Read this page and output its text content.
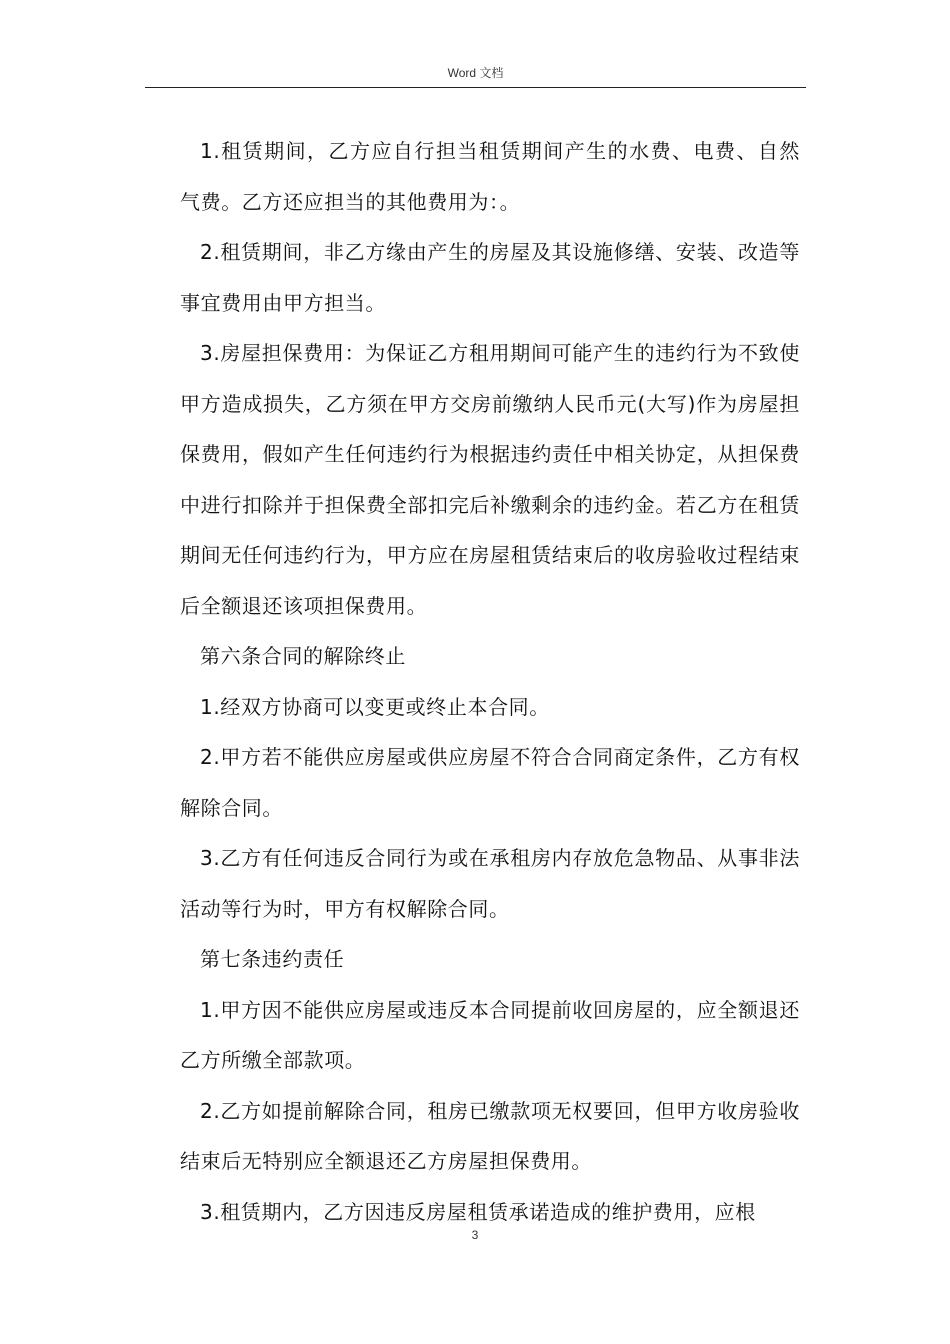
Word 文档

1.租赁期间，乙方应自行担当租赁期间产生的水费、电费、自然 气费。乙方还应担当的其他费用为：。

2.租赁期间，非乙方缘由产生的房屋及其设施修缮、安装、改造等事宜费用由甲方担当。

3.房屋担保费用：为保证乙方租用期间可能产生的违约行为不致使甲方造成损失，乙方须在甲方交房前缴纳人民币元(大写)作为房屋担保费用，假如产生任何违约行为根据违约责任中相关协定，从担保费中进行扣除并于担保费全部扣完后补缴剩余的违约金。若乙方在租赁期间无任何违约行为，甲方应在房屋租赁结束后的收房验收过程结束后全额退还该项担保费用。

第六条合同的解除终止

1.经双方协商可以变更或终止本合同。

2.甲方若不能供应房屋或供应房屋不符合合同商定条件，乙方有权解除合同。

3.乙方有任何违反合同行为或在承租房内存放危急物品、从事非法活动等行为时，甲方有权解除合同。

第七条违约责任

1.甲方因不能供应房屋或违反本合同提前收回房屋的，应全额退还乙方所缴全部款项。

2.乙方如提前解除合同，租房已缴款项无权要回，但甲方收房验收结束后无特别应全额退还乙方房屋担保费用。

3.租赁期内，乙方因违反房屋租赁承诺造成的维护费用，应根

3
